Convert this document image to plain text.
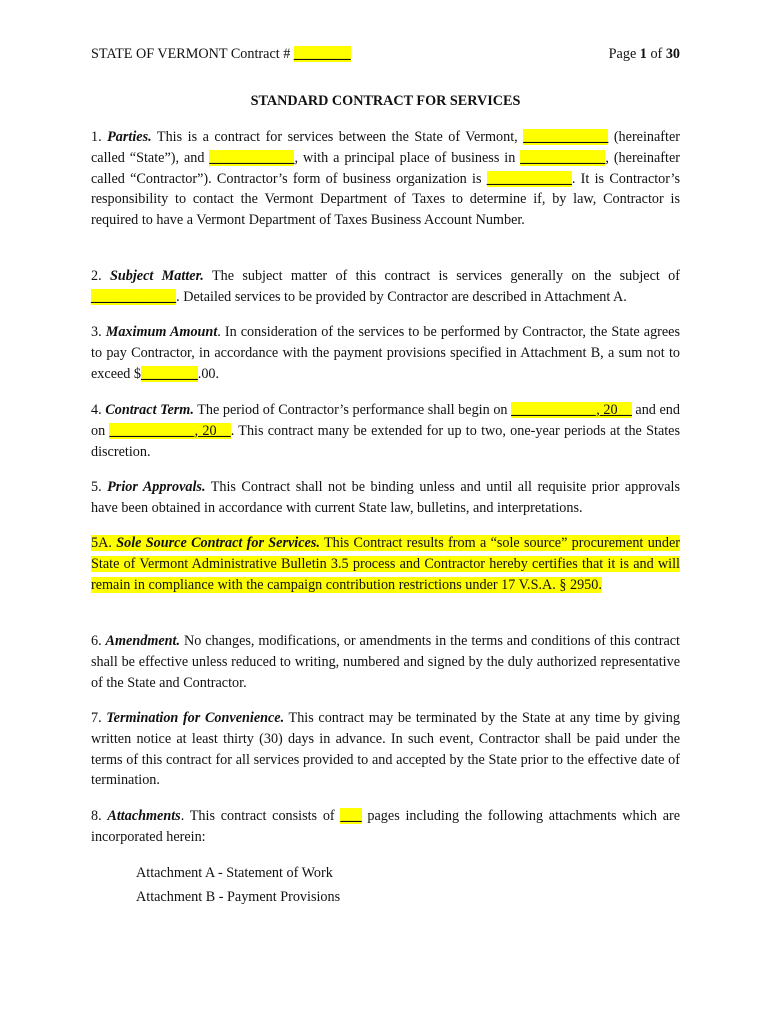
STATE OF VERMONT Contract # ________	Page 1 of 30
STANDARD CONTRACT FOR SERVICES
1. Parties. This is a contract for services between the State of Vermont, ____________ (hereinafter called “State”), and ____________, with a principal place of business in ____________, (hereinafter called “Contractor”). Contractor’s form of business organization is ____________. It is Contractor’s responsibility to contact the Vermont Department of Taxes to determine if, by law, Contractor is required to have a Vermont Department of Taxes Business Account Number.
2. Subject Matter. The subject matter of this contract is services generally on the subject of ____________. Detailed services to be provided by Contractor are described in Attachment A.
3. Maximum Amount. In consideration of the services to be performed by Contractor, the State agrees to pay Contractor, in accordance with the payment provisions specified in Attachment B, a sum not to exceed $________.00.
4. Contract Term. The period of Contractor’s performance shall begin on ____________, 20__ and end on ____________, 20__. This contract many be extended for up to two, one-year periods at the States discretion.
5. Prior Approvals. This Contract shall not be binding unless and until all requisite prior approvals have been obtained in accordance with current State law, bulletins, and interpretations.
5A. Sole Source Contract for Services. This Contract results from a “sole source” procurement under State of Vermont Administrative Bulletin 3.5 process and Contractor hereby certifies that it is and will remain in compliance with the campaign contribution restrictions under 17 V.S.A. § 2950.
6. Amendment. No changes, modifications, or amendments in the terms and conditions of this contract shall be effective unless reduced to writing, numbered and signed by the duly authorized representative of the State and Contractor.
7. Termination for Convenience. This contract may be terminated by the State at any time by giving written notice at least thirty (30) days in advance. In such event, Contractor shall be paid under the terms of this contract for all services provided to and accepted by the State prior to the effective date of termination.
8. Attachments. This contract consists of ___ pages including the following attachments which are incorporated herein:
Attachment A - Statement of Work
Attachment B - Payment Provisions
